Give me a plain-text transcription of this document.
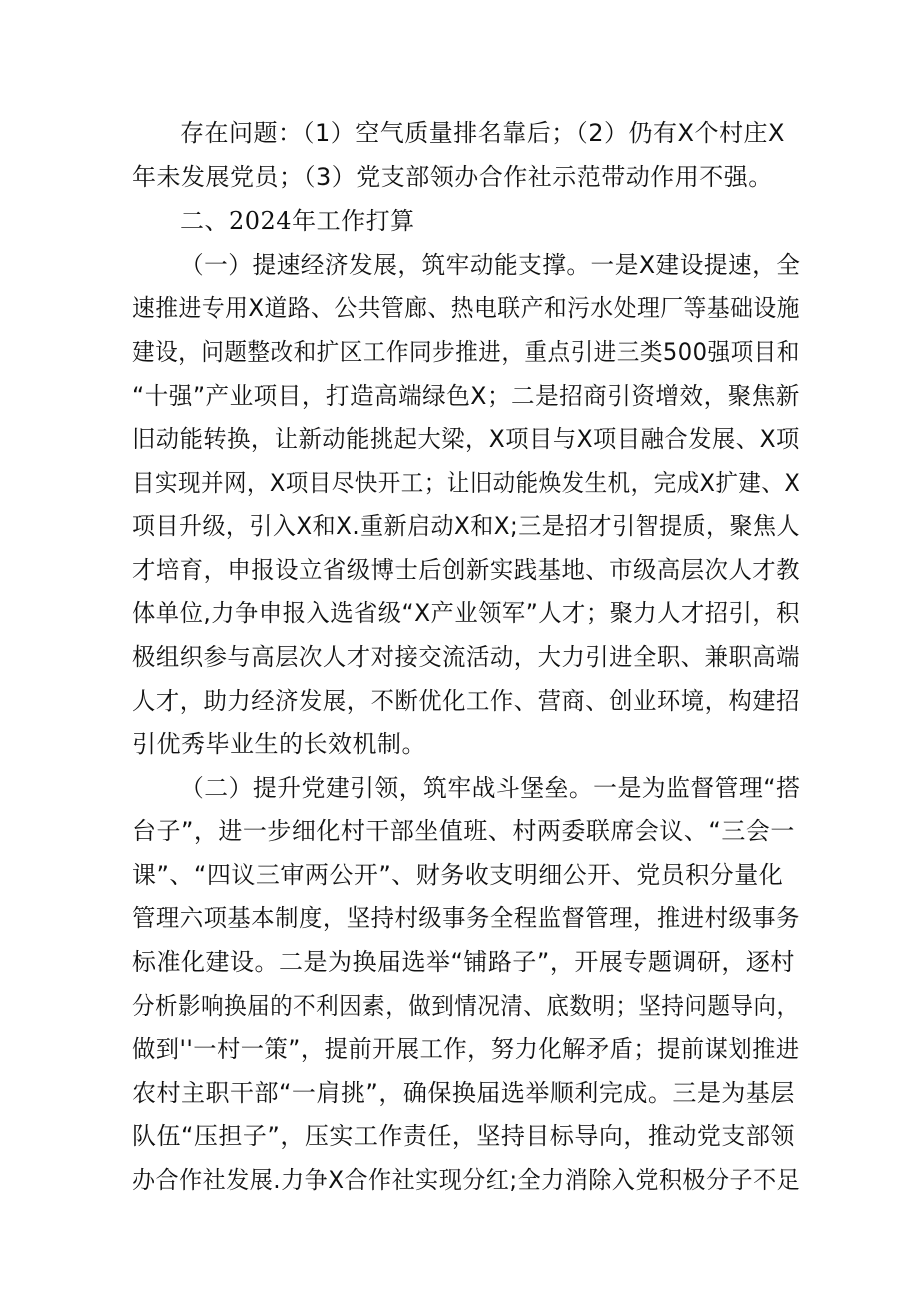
存在问题：（1）空气质量排名靠后；（2）仍有X个村庄X
年未发展党员；（3）党支部领办合作社示范带动作用不强。
二、2024年工作打算
（一）提速经济发展，筑牢动能支撑。一是X建设提速，全
速推进专用X道路、公共管廊、热电联产和污水处理厂等基础设施
建设，问题整改和扩区工作同步推进，重点引进三类500强项目和
“十强”产业项目，打造高端绿色X；二是招商引资增效，聚焦新
旧动能转换，让新动能挑起大梁，X项目与X项目融合发展、X项
目实现并网，X项目尽快开工；让旧动能焕发生机，完成X扩建、X
项目升级，引入X和X.重新启动X和X;三是招才引智提质，聚焦人
才培育，申报设立省级博士后创新实践基地、市级高层次人才教
体单位,力争申报入选省级“X产业领军”人才；聚力人才招引，积
极组织参与高层次人才对接交流活动，大力引进全职、兼职高端
人才，助力经济发展，不断优化工作、营商、创业环境，构建招
引优秀毕业生的长效机制。
（二）提升党建引领，筑牢战斗堡垒。一是为监督管理“搭
台子”，进一步细化村干部坐值班、村两委联席会议、“三会一
课”、“四议三审两公开”、财务收支明细公开、党员积分量化
管理六项基本制度，坚持村级事务全程监督管理，推进村级事务
标准化建设。二是为换届选举“铺路子”，开展专题调研，逐村
分析影响换届的不利因素，做到情况清、底数明；坚持问题导向，
做到''一村一策”，提前开展工作，努力化解矛盾；提前谋划推进
农村主职干部“一肩挑”，确保换届选举顺利完成。三是为基层
队伍“压担子”，压实工作责任，坚持目标导向，推动党支部领
办合作社发展.力争X合作社实现分红;全力消除入党积极分子不足
